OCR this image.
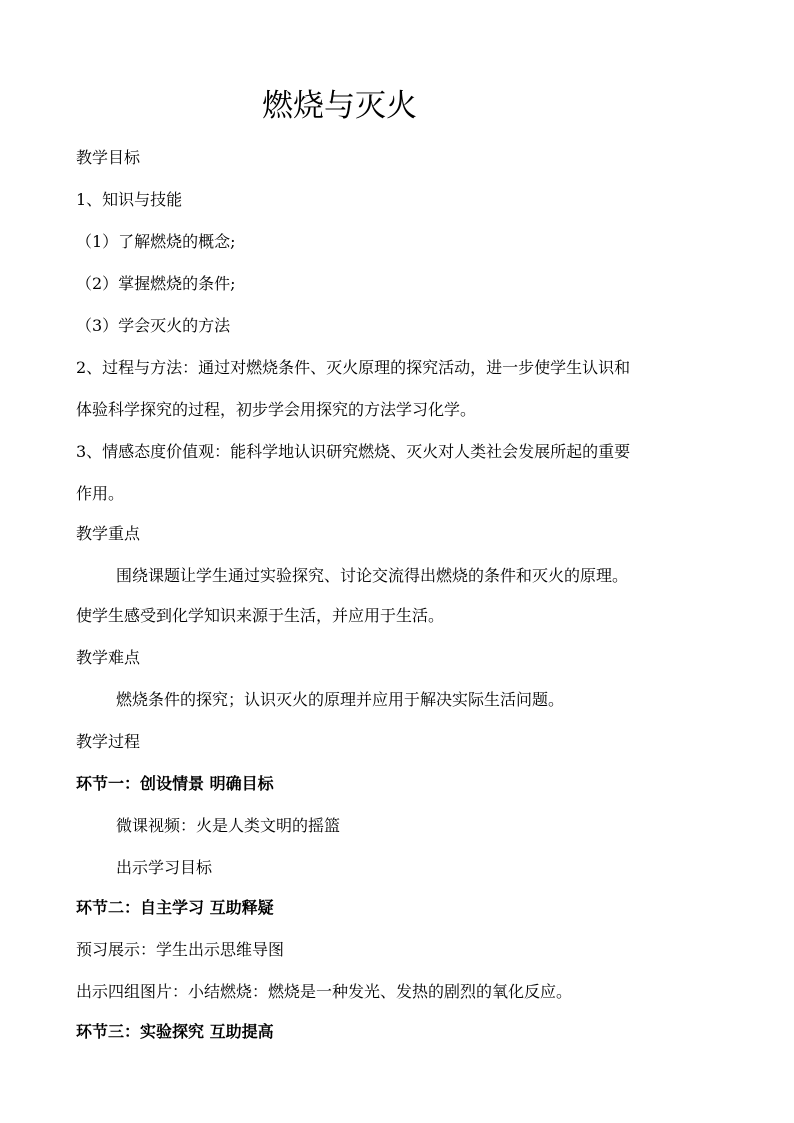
燃烧与灭火
教学目标
1、知识与技能
（1）了解燃烧的概念;
（2）掌握燃烧的条件;
（3）学会灭火的方法
2、过程与方法：通过对燃烧条件、灭火原理的探究活动，进一步使学生认识和
体验科学探究的过程，初步学会用探究的方法学习化学。
3、情感态度价值观：能科学地认识研究燃烧、灭火对人类社会发展所起的重要
作用。
教学重点
围绕课题让学生通过实验探究、讨论交流得出燃烧的条件和灭火的原理。
使学生感受到化学知识来源于生活，并应用于生活。
教学难点
燃烧条件的探究；认识灭火的原理并应用于解决实际生活问题。
教学过程
环节一：创设情景 明确目标
微课视频：火是人类文明的摇篮
出示学习目标
环节二：自主学习 互助释疑
预习展示：学生出示思维导图
出示四组图片：小结燃烧：燃烧是一种发光、发热的剧烈的氧化反应。
环节三：实验探究 互助提高
